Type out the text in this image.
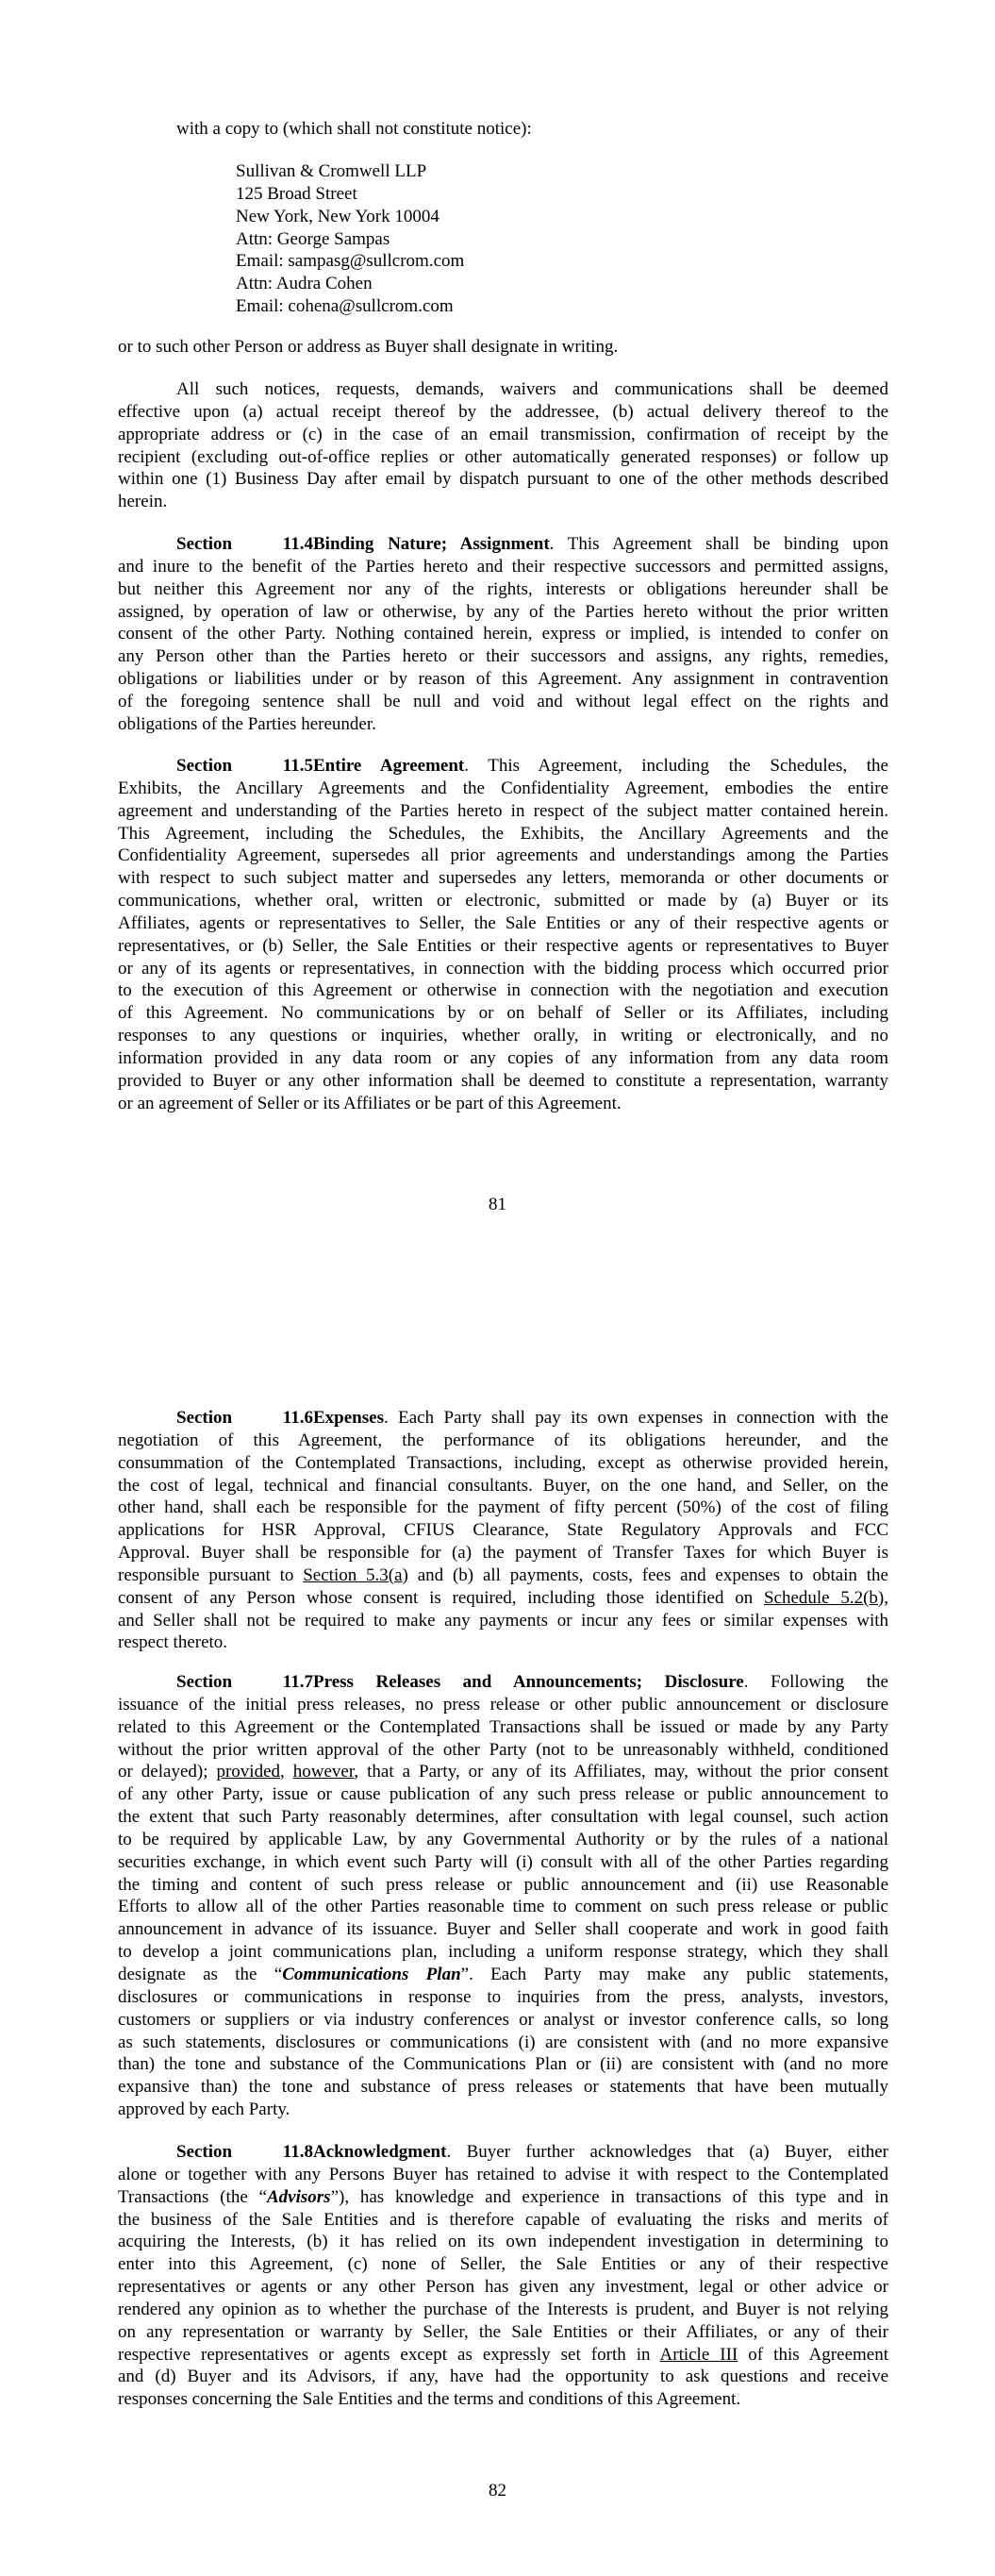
with a copy to (which shall not constitute notice):
Sullivan & Cromwell LLP
125 Broad Street
New York, New York 10004
Attn: George Sampas
Email: sampasg@sullcrom.com
Attn: Audra Cohen
Email: cohena@sullcrom.com
or to such other Person or address as Buyer shall designate in writing.
All such notices, requests, demands, waivers and communications shall be deemed
effective upon (a) actual receipt thereof by the addressee, (b) actual delivery thereof to the
appropriate address or (c) in the case of an email transmission, confirmation of receipt by the
recipient (excluding out-of-office replies or other automatically generated responses) or follow up
within one (1) Business Day after email by dispatch pursuant to one of the other methods described
herein.
Section 11.4Binding Nature; Assignment. This Agreement shall be binding upon
and inure to the benefit of the Parties hereto and their respective successors and permitted assigns,
but neither this Agreement nor any of the rights, interests or obligations hereunder shall be
assigned, by operation of law or otherwise, by any of the Parties hereto without the prior written
consent of the other Party. Nothing contained herein, express or implied, is intended to confer on
any Person other than the Parties hereto or their successors and assigns, any rights, remedies,
obligations or liabilities under or by reason of this Agreement. Any assignment in contravention
of the foregoing sentence shall be null and void and without legal effect on the rights and
obligations of the Parties hereunder.
Section 11.5Entire Agreement. This Agreement, including the Schedules, the
Exhibits, the Ancillary Agreements and the Confidentiality Agreement, embodies the entire
agreement and understanding of the Parties hereto in respect of the subject matter contained herein.
This Agreement, including the Schedules, the Exhibits, the Ancillary Agreements and the
Confidentiality Agreement, supersedes all prior agreements and understandings among the Parties
with respect to such subject matter and supersedes any letters, memoranda or other documents or
communications, whether oral, written or electronic, submitted or made by (a) Buyer or its
Affiliates, agents or representatives to Seller, the Sale Entities or any of their respective agents or
representatives, or (b) Seller, the Sale Entities or their respective agents or representatives to Buyer
or any of its agents or representatives, in connection with the bidding process which occurred prior
to the execution of this Agreement or otherwise in connection with the negotiation and execution
of this Agreement. No communications by or on behalf of Seller or its Affiliates, including
responses to any questions or inquiries, whether orally, in writing or electronically, and no
information provided in any data room or any copies of any information from any data room
provided to Buyer or any other information shall be deemed to constitute a representation, warranty
or an agreement of Seller or its Affiliates or be part of this Agreement.
81
Section 11.6Expenses. Each Party shall pay its own expenses in connection with the
negotiation of this Agreement, the performance of its obligations hereunder, and the
consummation of the Contemplated Transactions, including, except as otherwise provided herein,
the cost of legal, technical and financial consultants. Buyer, on the one hand, and Seller, on the
other hand, shall each be responsible for the payment of fifty percent (50%) of the cost of filing
applications for HSR Approval, CFIUS Clearance, State Regulatory Approvals and FCC
Approval. Buyer shall be responsible for (a) the payment of Transfer Taxes for which Buyer is
responsible pursuant to Section 5.3(a) and (b) all payments, costs, fees and expenses to obtain the
consent of any Person whose consent is required, including those identified on Schedule 5.2(b),
and Seller shall not be required to make any payments or incur any fees or similar expenses with
respect thereto.
Section 11.7Press Releases and Announcements; Disclosure. Following the
issuance of the initial press releases, no press release or other public announcement or disclosure
related to this Agreement or the Contemplated Transactions shall be issued or made by any Party
without the prior written approval of the other Party (not to be unreasonably withheld, conditioned
or delayed); provided, however, that a Party, or any of its Affiliates, may, without the prior consent
of any other Party, issue or cause publication of any such press release or public announcement to
the extent that such Party reasonably determines, after consultation with legal counsel, such action
to be required by applicable Law, by any Governmental Authority or by the rules of a national
securities exchange, in which event such Party will (i) consult with all of the other Parties regarding
the timing and content of such press release or public announcement and (ii) use Reasonable
Efforts to allow all of the other Parties reasonable time to comment on such press release or public
announcement in advance of its issuance. Buyer and Seller shall cooperate and work in good faith
to develop a joint communications plan, including a uniform response strategy, which they shall
designate as the “Communications Plan”. Each Party may make any public statements,
disclosures or communications in response to inquiries from the press, analysts, investors,
customers or suppliers or via industry conferences or analyst or investor conference calls, so long
as such statements, disclosures or communications (i) are consistent with (and no more expansive
than) the tone and substance of the Communications Plan or (ii) are consistent with (and no more
expansive than) the tone and substance of press releases or statements that have been mutually
approved by each Party.
Section 11.8Acknowledgment. Buyer further acknowledges that (a) Buyer, either
alone or together with any Persons Buyer has retained to advise it with respect to the Contemplated
Transactions (the “Advisors”), has knowledge and experience in transactions of this type and in
the business of the Sale Entities and is therefore capable of evaluating the risks and merits of
acquiring the Interests, (b) it has relied on its own independent investigation in determining to
enter into this Agreement, (c) none of Seller, the Sale Entities or any of their respective
representatives or agents or any other Person has given any investment, legal or other advice or
rendered any opinion as to whether the purchase of the Interests is prudent, and Buyer is not relying
on any representation or warranty by Seller, the Sale Entities or their Affiliates, or any of their
respective representatives or agents except as expressly set forth in Article III of this Agreement
and (d) Buyer and its Advisors, if any, have had the opportunity to ask questions and receive
responses concerning the Sale Entities and the terms and conditions of this Agreement.
82
